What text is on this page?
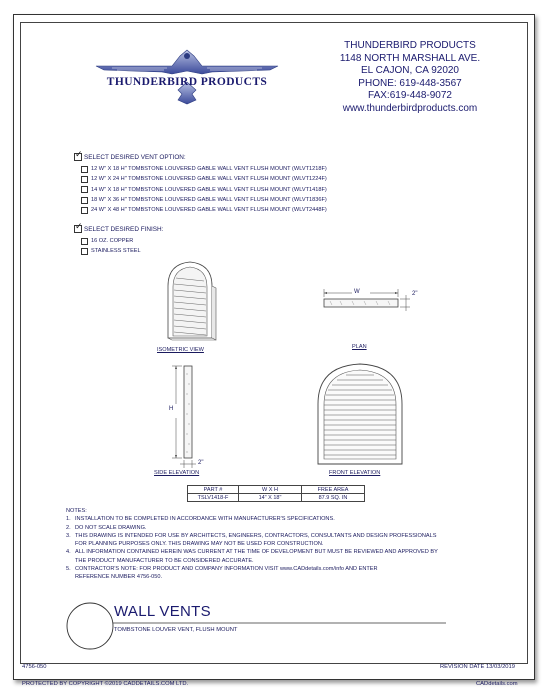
THUNDERBIRD PRODUCTS
THUNDERBIRD PRODUCTS
1148 NORTH MARSHALL AVE.
EL CAJON, CA 92020
PHONE: 619-448-3567
FAX:619-448-9072
www.thunderbirdproducts.com
✓
SELECT DESIRED VENT OPTION:
12 W" X 18 H" TOMBSTONE LOUVERED GABLE WALL VENT FLUSH MOUNT (WLVT1218F)
12 W" X 24 H" TOMBSTONE LOUVERED GABLE WALL VENT FLUSH MOUNT (WLVT1224F)
14 W" X 18 H" TOMBSTONE LOUVERED GABLE WALL VENT FLUSH MOUNT (WLVT1418F)
18 W" X 36 H" TOMBSTONE LOUVERED GABLE WALL VENT FLUSH MOUNT (WLVT1836F)
24 W" X 48 H" TOMBSTONE LOUVERED GABLE WALL VENT FLUSH MOUNT (WLVT2448F)
✓
SELECT DESIRED FINISH:
16 OZ. COPPER
STAINLESS STEEL
ISOMETRIC VIEW
W	2"
PLAN
H
2"
SIDE ELEVATION	FRONT ELEVATION
PART #	W X H	FREE AREA
TSLV1418-F	14" X 18"	87.9 SQ. IN
NOTES:
1. INSTALLATION TO BE COMPLETED IN ACCORDANCE WITH MANUFACTURER'S SPECIFICATIONS.
2. DO NOT SCALE DRAWING.
3. THIS DRAWING IS INTENDED FOR USE BY ARCHITECTS, ENGINEERS, CONTRACTORS, CONSULTANTS AND DESIGN PROFESSIONALS
FOR PLANNING PURPOSES ONLY. THIS DRAWING MAY NOT BE USED FOR CONSTRUCTION.
4. ALL INFORMATION CONTAINED HEREIN WAS CURRENT AT THE TIME OF DEVELOPMENT BUT MUST BE REVIEWED AND APPROVED BY
THE PRODUCT MANUFACTURER TO BE CONSIDERED ACCURATE.
5. CONTRACTOR'S NOTE: FOR PRODUCT AND COMPANY INFORMATION VISIT www.CADdetails.com/info AND ENTER
REFERENCE NUMBER 4756-050.
WALL VENTS
TOMBSTONE LOUVER VENT, FLUSH MOUNT
4756-050	REVISION DATE 13/03/2019
PROTECTED BY COPYRIGHT ©2019 CADDETAILS.COM LTD.	CADdetails.com
